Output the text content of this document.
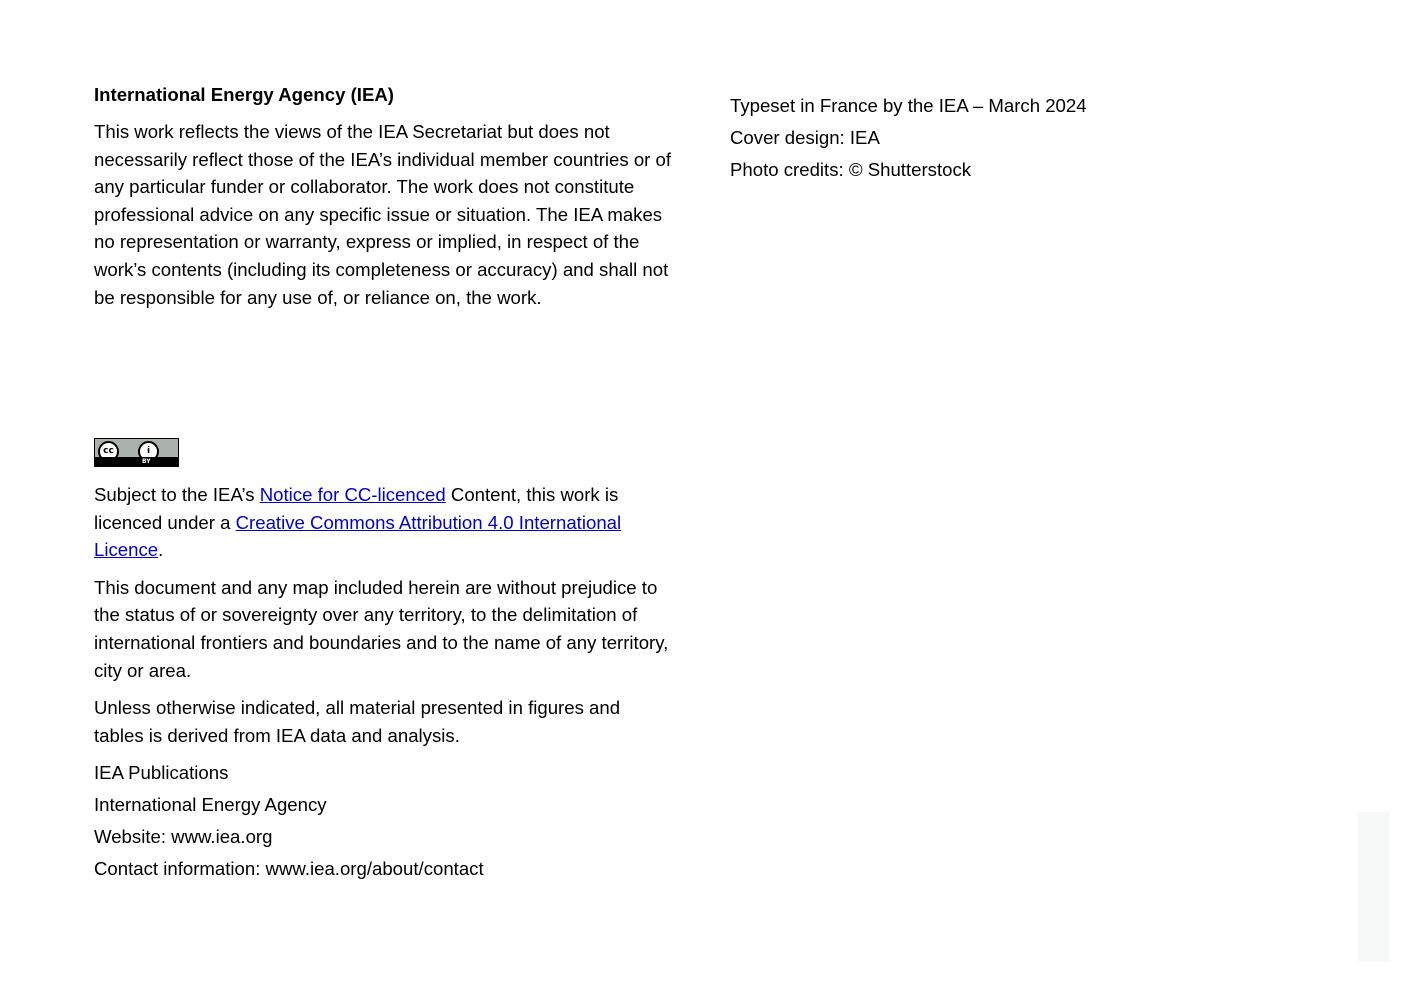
International Energy Agency (IEA)

This work reflects the views of the IEA Secretariat but does not necessarily reflect those of the IEA’s individual member countries or of any particular funder or collaborator. The work does not constitute professional advice on any specific issue or situation. The IEA makes no representation or warranty, express or implied, in respect of the work’s contents (including its completeness or accuracy) and shall not be responsible for any use of, or reliance on, the work.

cc	i
BY

Subject to the IEA’s Notice for CC-licenced Content, this work is licenced under a Creative Commons Attribution 4.0 International Licence.

This document and any map included herein are without prejudice to the status of or sovereignty over any territory, to the delimitation of international frontiers and boundaries and to the name of any territory, city or area.

Unless otherwise indicated, all material presented in figures and tables is derived from IEA data and analysis.

IEA Publications

International Energy Agency

Website: www.iea.org

Contact information: www.iea.org/about/contact

Typeset in France by the IEA – March 2024

Cover design: IEA

Photo credits: © Shutterstock
